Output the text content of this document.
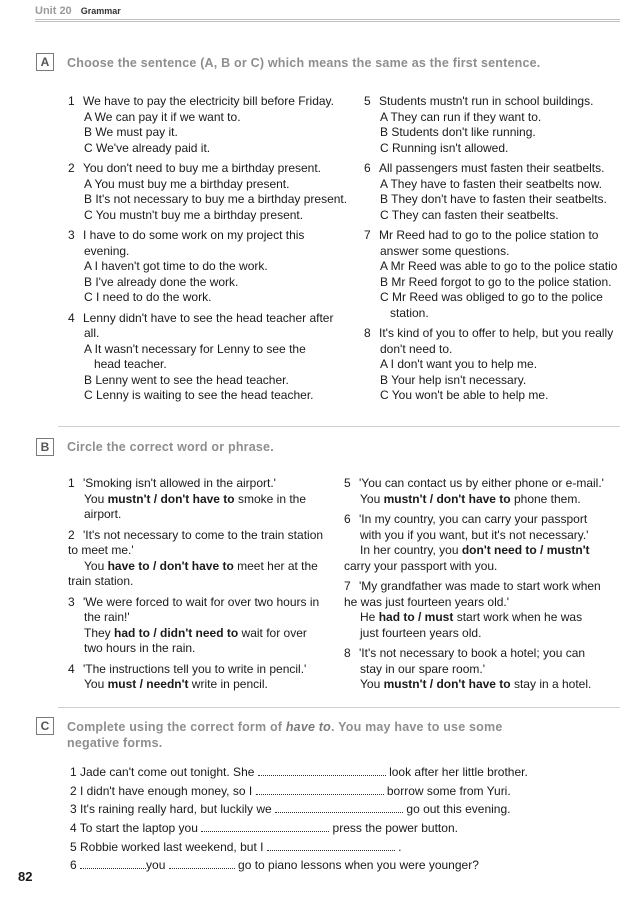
Unit 20 Grammar
A	Choose the sentence (A, B or C) which means the same as the first sentence.
1 We have to pay the electricity bill before Friday.
A We can pay it if we want to.
B We must pay it.
C We've already paid it.
2 You don't need to buy me a birthday present.
A You must buy me a birthday present.
B It's not necessary to buy me a birthday present.
C You mustn't buy me a birthday present.
3 I have to do some work on my project this
evening.
A I haven't got time to do the work.
B I've already done the work.
C I need to do the work.
4 Lenny didn't have to see the head teacher after
all.
A It wasn't necessary for Lenny to see the
head teacher.
B Lenny went to see the head teacher.
C Lenny is waiting to see the head teacher.
5 Students mustn't run in school buildings.
A They can run if they want to.
B Students don't like running.
C Running isn't allowed.
6 All passengers must fasten their seatbelts.
A They have to fasten their seatbelts now.
B They don't have to fasten their seatbelts.
C They can fasten their seatbelts.
7 Mr Reed had to go to the police station to
answer some questions.
A Mr Reed was able to go to the police statio
B Mr Reed forgot to go to the police station.
C Mr Reed was obliged to go to the police
station.
8 It's kind of you to offer to help, but you really
don't need to.
A I don't want you to help me.
B Your help isn't necessary.
C You won't be able to help me.
B	Circle the correct word or phrase.
1 'Smoking isn't allowed in the airport.'
You mustn't / don't have to smoke in the
airport.
2 'It's not necessary to come to the train station
to meet me.'
You have to / don't have to meet her at the
train station.
3 'We were forced to wait for over two hours in
the rain!'
They had to / didn't need to wait for over
two hours in the rain.
4 'The instructions tell you to write in pencil.'
You must / needn't write in pencil.
5 'You can contact us by either phone or e-mail.'
You mustn't / don't have to phone them.
6 'In my country, you can carry your passport
with you if you want, but it's not necessary.'
In her country, you don't need to / mustn't
carry your passport with you.
7 'My grandfather was made to start work when
he was just fourteen years old.'
He had to / must start work when he was
just fourteen years old.
8 'It's not necessary to book a hotel; you can
stay in our spare room.'
You mustn't / don't have to stay in a hotel.
C	Complete using the correct form of have to. You may have to use some
negative forms.
1 Jade can't come out tonight. She	look after her little brother.
2 I didn't have enough money, so I	borrow some from Yuri.
3 It's raining really hard, but luckily we	go out this evening.
4 To start the laptop you	press the power button.
5 Robbie worked last weekend, but I	.
6	you	go to piano lessons when you were younger?
82
